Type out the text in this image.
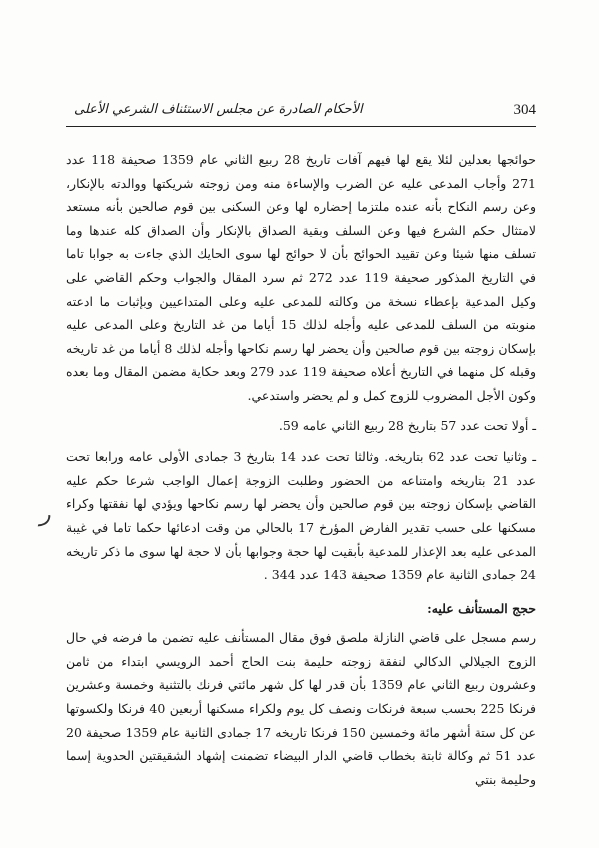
304
الأحكام الصادرة عن مجلس الاستئناف الشرعي الأعلى

حوائجها بعدلين لئلا يقع لها فيهم آفات تاريخ 28 ربيع الثاني عام 1359 صحيفة 118 عدد 271 وأجاب المدعى عليه عن الضرب والإساءة منه ومن زوجته شريكتها ووالدته بالإنكار، وعن رسم النكاح بأنه عنده ملتزما إحضاره لها وعن السكنى بين قوم صالحين بأنه مستعد لامتثال حكم الشرع فيها وعن السلف وبقية الصداق بالإنكار وأن الصداق كله عندها وما تسلف منها شيئا وعن تقييد الحوائج بأن لا حوائج لها سوى الحايك الذي جاءت به جوابا تاما في التاريخ المذكور صحيفة 119 عدد 272 ثم سرد المقال والجواب وحكم القاضي على وكيل المدعية بإعطاء نسخة من وكالته للمدعى عليه وعلى المتداعيين وبإثبات ما ادعته منوبته من السلف للمدعى عليه وأجله لذلك 15 أياما من غد التاريخ وعلى المدعى عليه بإسكان زوجته بين قوم صالحين وأن يحضر لها رسم نكاحها وأجله لذلك 8 أياما من غد تاريخه وقبله كل منهما في التاريخ أعلاه صحيفة 119 عدد 279 وبعد حكاية مضمن المقال وما بعده وكون الأجل المضروب للزوج كمل و لم يحضر واستدعي.

ـ أولا تحت عدد 57 بتاريخ 28 ربيع الثاني عامه 59.

ـ وثانيا تحت عدد 62 بتاريخه. وثالثا تحت عدد 14 بتاريخ 3 جمادى الأولى عامه ورابعا تحت عدد 21 بتاريخه وامتناعه من الحضور وطلبت الزوجة إعمال الواجب شرعا حكم عليه القاضي بإسكان زوجته بين قوم صالحين وأن يحضر لها رسم نكاحها ويؤدي لها نفقتها وكراء مسكنها على حسب تقدير الفارض المؤرخ 17 بالحالي من وقت ادعائها حكما تاما في غيبة المدعى عليه بعد الإعذار للمدعية بأبقيت لها حجة وجوابها بأن لا حجة لها سوى ما ذكر تاريخه 24 جمادى الثانية عام 1359 صحيفة 143 عدد 344 .

حجج المستأنف عليه:

رسم مسجل على قاضي النازلة ملصق فوق مقال المستأنف عليه تضمن ما فرضه في حال الزوج الجيلالي الدكالي لنفقة زوجته حليمة بنت الحاج أحمد الرويسي ابتداء من ثامن وعشرون ربيع الثاني عام 1359 بأن قدر لها كل شهر مائتي فرنك بالتثنية وخمسة وعشرين فرنكا 225 بحسب سبعة فرنكات ونصف كل يوم ولكراء مسكنها أربعين 40 فرنكا ولكسوتها عن كل ستة أشهر مائة وخمسين 150 فرنكا تاريخه 17 جمادى الثانية عام 1359 صحيفة 20 عدد 51 ثم وكالة ثابتة بخطاب قاضي الدار البيضاء تضمنت إشهاد الشقيقتين الحدوية إسما وحليمة بنتي

ر
